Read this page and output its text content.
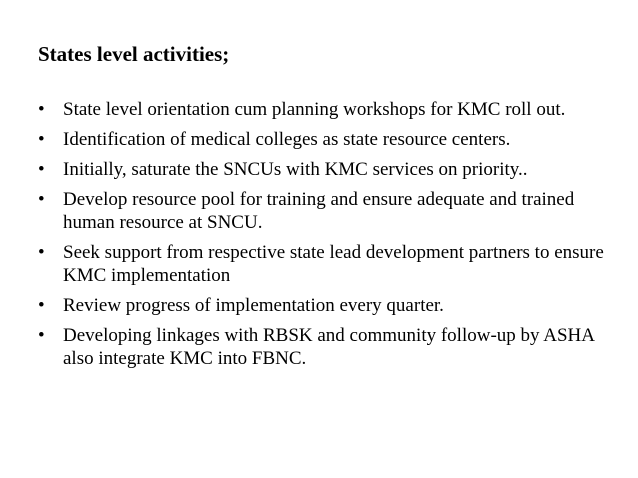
States level activities;
• State level orientation cum planning workshops for KMC roll out.
• Identification of medical colleges as state resource centers.
• Initially, saturate the SNCUs with KMC services on priority..
• Develop resource pool for training and ensure adequate and trained human resource at SNCU.
• Seek support from respective state lead development partners to ensure KMC implementation
• Review progress of implementation every quarter.
• Developing linkages with RBSK and community follow-up by ASHA also integrate KMC into FBNC.
